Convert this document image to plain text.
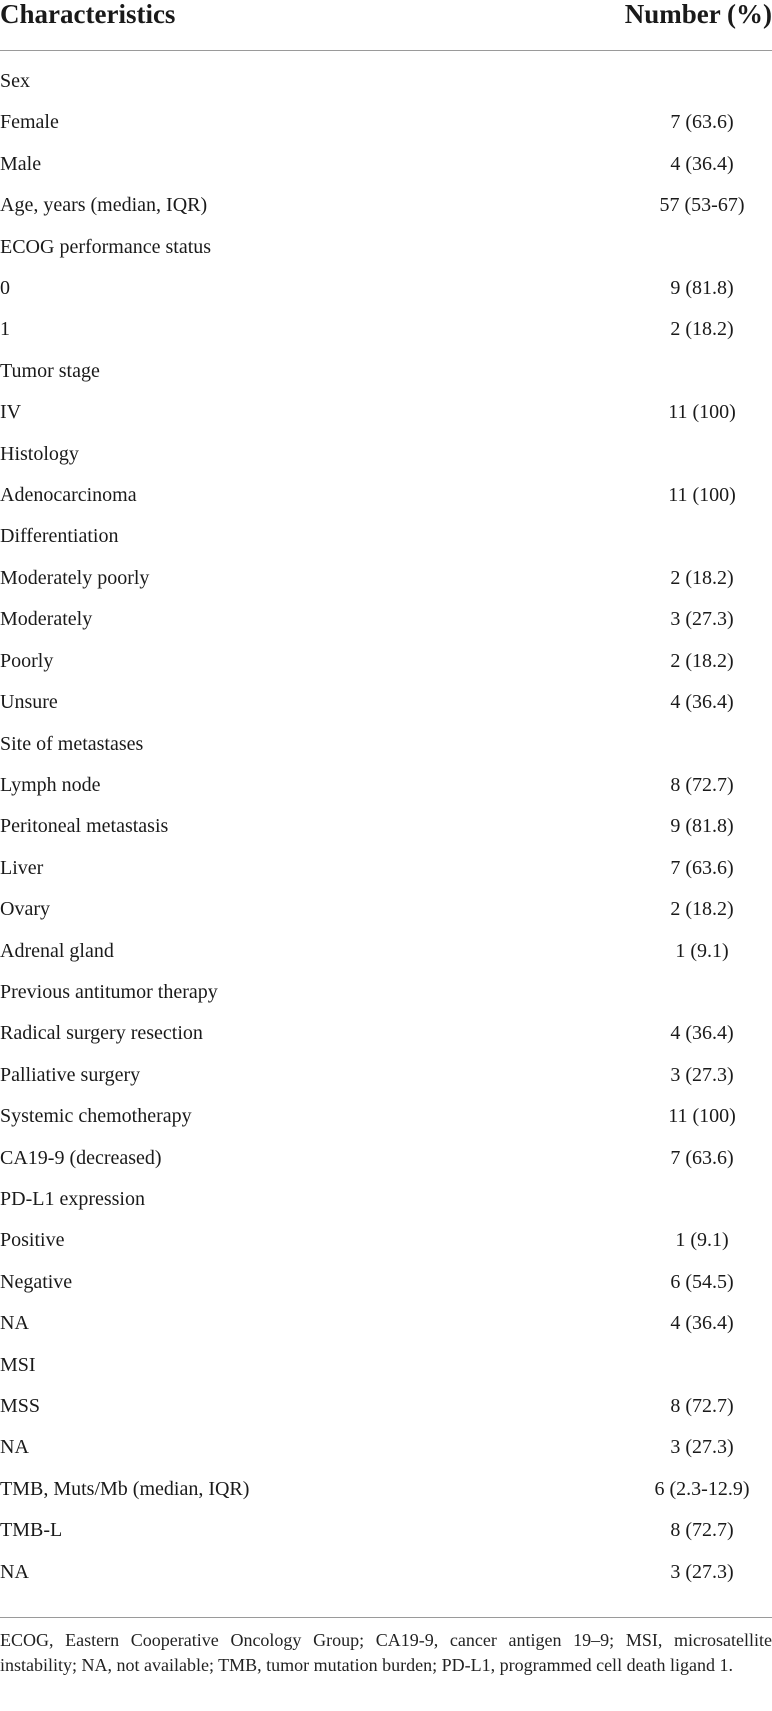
Characteristics	Number (%)

Sex	
Female	7 (63.6)
Male	4 (36.4)
Age, years (median, IQR)	57 (53-67)
ECOG performance status	
0	9 (81.8)
1	2 (18.2)
Tumor stage	
IV	11 (100)
Histology	
Adenocarcinoma	11 (100)
Differentiation	
Moderately poorly	2 (18.2)
Moderately	3 (27.3)
Poorly	2 (18.2)
Unsure	4 (36.4)
Site of metastases	
Lymph node	8 (72.7)
Peritoneal metastasis	9 (81.8)
Liver	7 (63.6)
Ovary	2 (18.2)
Adrenal gland	1 (9.1)
Previous antitumor therapy	
Radical surgery resection	4 (36.4)
Palliative surgery	3 (27.3)
Systemic chemotherapy	11 (100)
CA19-9 (decreased)	7 (63.6)
PD-L1 expression	
Positive	1 (9.1)
Negative	6 (54.5)
NA	4 (36.4)
MSI	
MSS	8 (72.7)
NA	3 (27.3)
TMB, Muts/Mb (median, IQR)	6 (2.3-12.9)
TMB-L	8 (72.7)
NA	3 (27.3)
ECOG, Eastern Cooperative Oncology Group; CA19-9, cancer antigen 19–9; MSI, microsatellite instability; NA, not available; TMB, tumor mutation burden; PD-L1, programmed cell death ligand 1.
